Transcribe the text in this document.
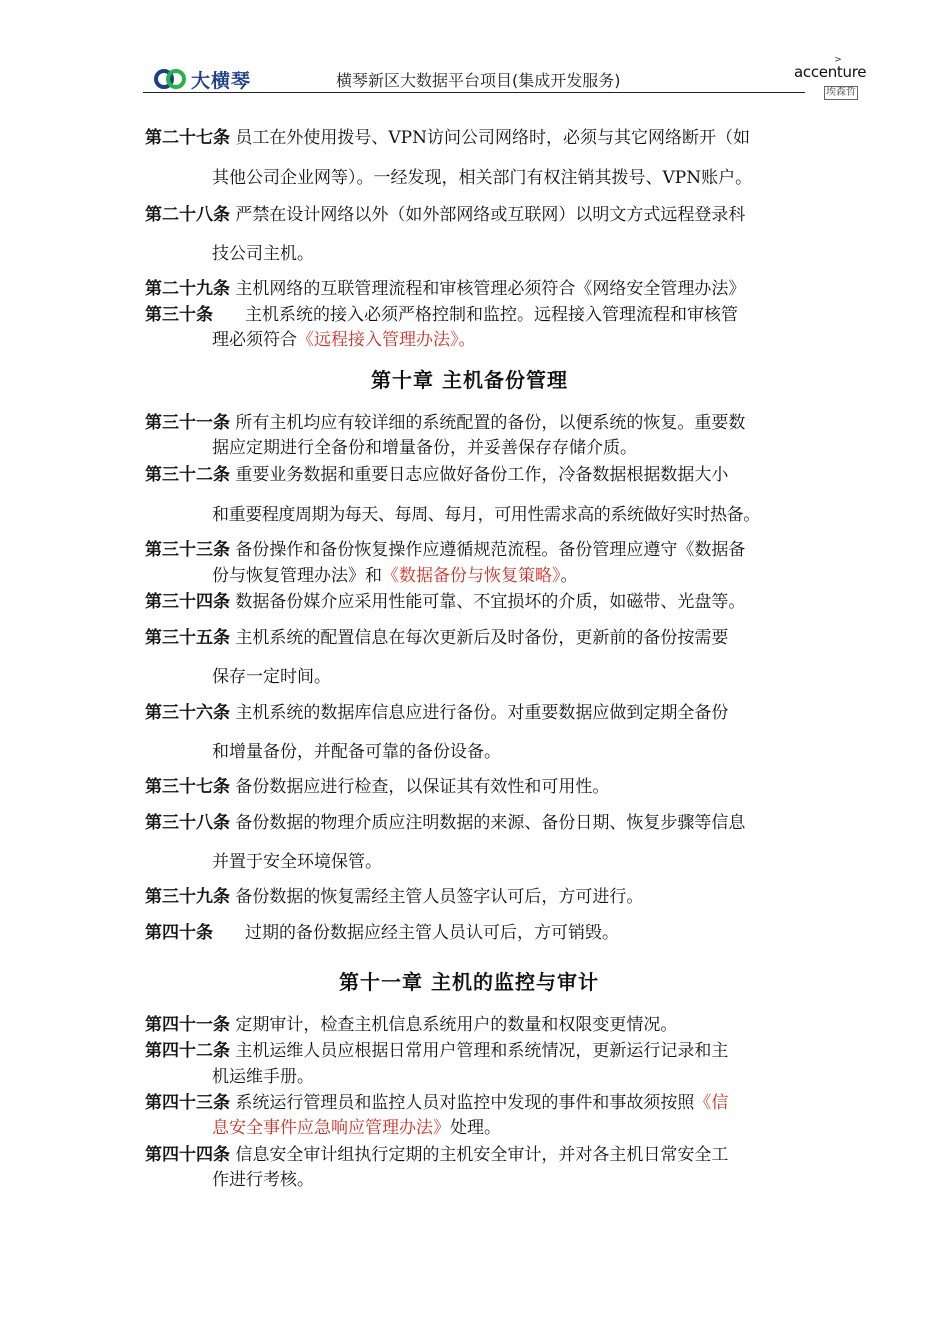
大横琴	横琴新区大数据平台项目(集成开发服务)
>
accenture
埃森哲
第二十七条 员工在外使用拨号、VPN访问公司网络时，必须与其它网络断开（如
其他公司企业网等）。一经发现，相关部门有权注销其拨号、VPN账户。
第二十八条 严禁在设计网络以外（如外部网络或互联网）以明文方式远程登录科
技公司主机。
第二十九条 主机网络的互联管理流程和审核管理必须符合《网络安全管理办法》
第三十条 主机系统的接入必须严格控制和监控。远程接入管理流程和审核管
理必须符合《远程接入管理办法》。
第十章 主机备份管理
第三十一条 所有主机均应有较详细的系统配置的备份，以便系统的恢复。重要数
据应定期进行全备份和增量备份，并妥善保存存储介质。
第三十二条 重要业务数据和重要日志应做好备份工作，冷备数据根据数据大小
和重要程度周期为每天、每周、每月，可用性需求高的系统做好实时热备。
第三十三条 备份操作和备份恢复操作应遵循规范流程。备份管理应遵守《数据备
份与恢复管理办法》和《数据备份与恢复策略》。
第三十四条 数据备份媒介应采用性能可靠、不宜损坏的介质，如磁带、光盘等。
第三十五条 主机系统的配置信息在每次更新后及时备份，更新前的备份按需要
保存一定时间。
第三十六条 主机系统的数据库信息应进行备份。对重要数据应做到定期全备份
和增量备份，并配备可靠的备份设备。
第三十七条 备份数据应进行检查，以保证其有效性和可用性。
第三十八条 备份数据的物理介质应注明数据的来源、备份日期、恢复步骤等信息
并置于安全环境保管。
第三十九条 备份数据的恢复需经主管人员签字认可后，方可进行。
第四十条 过期的备份数据应经主管人员认可后，方可销毁。
第十一章 主机的监控与审计
第四十一条 定期审计，检查主机信息系统用户的数量和权限变更情况。
第四十二条 主机运维人员应根据日常用户管理和系统情况，更新运行记录和主
机运维手册。
第四十三条 系统运行管理员和监控人员对监控中发现的事件和事故须按照《信
息安全事件应急响应管理办法》处理。
第四十四条 信息安全审计组执行定期的主机安全审计，并对各主机日常安全工
作进行考核。
